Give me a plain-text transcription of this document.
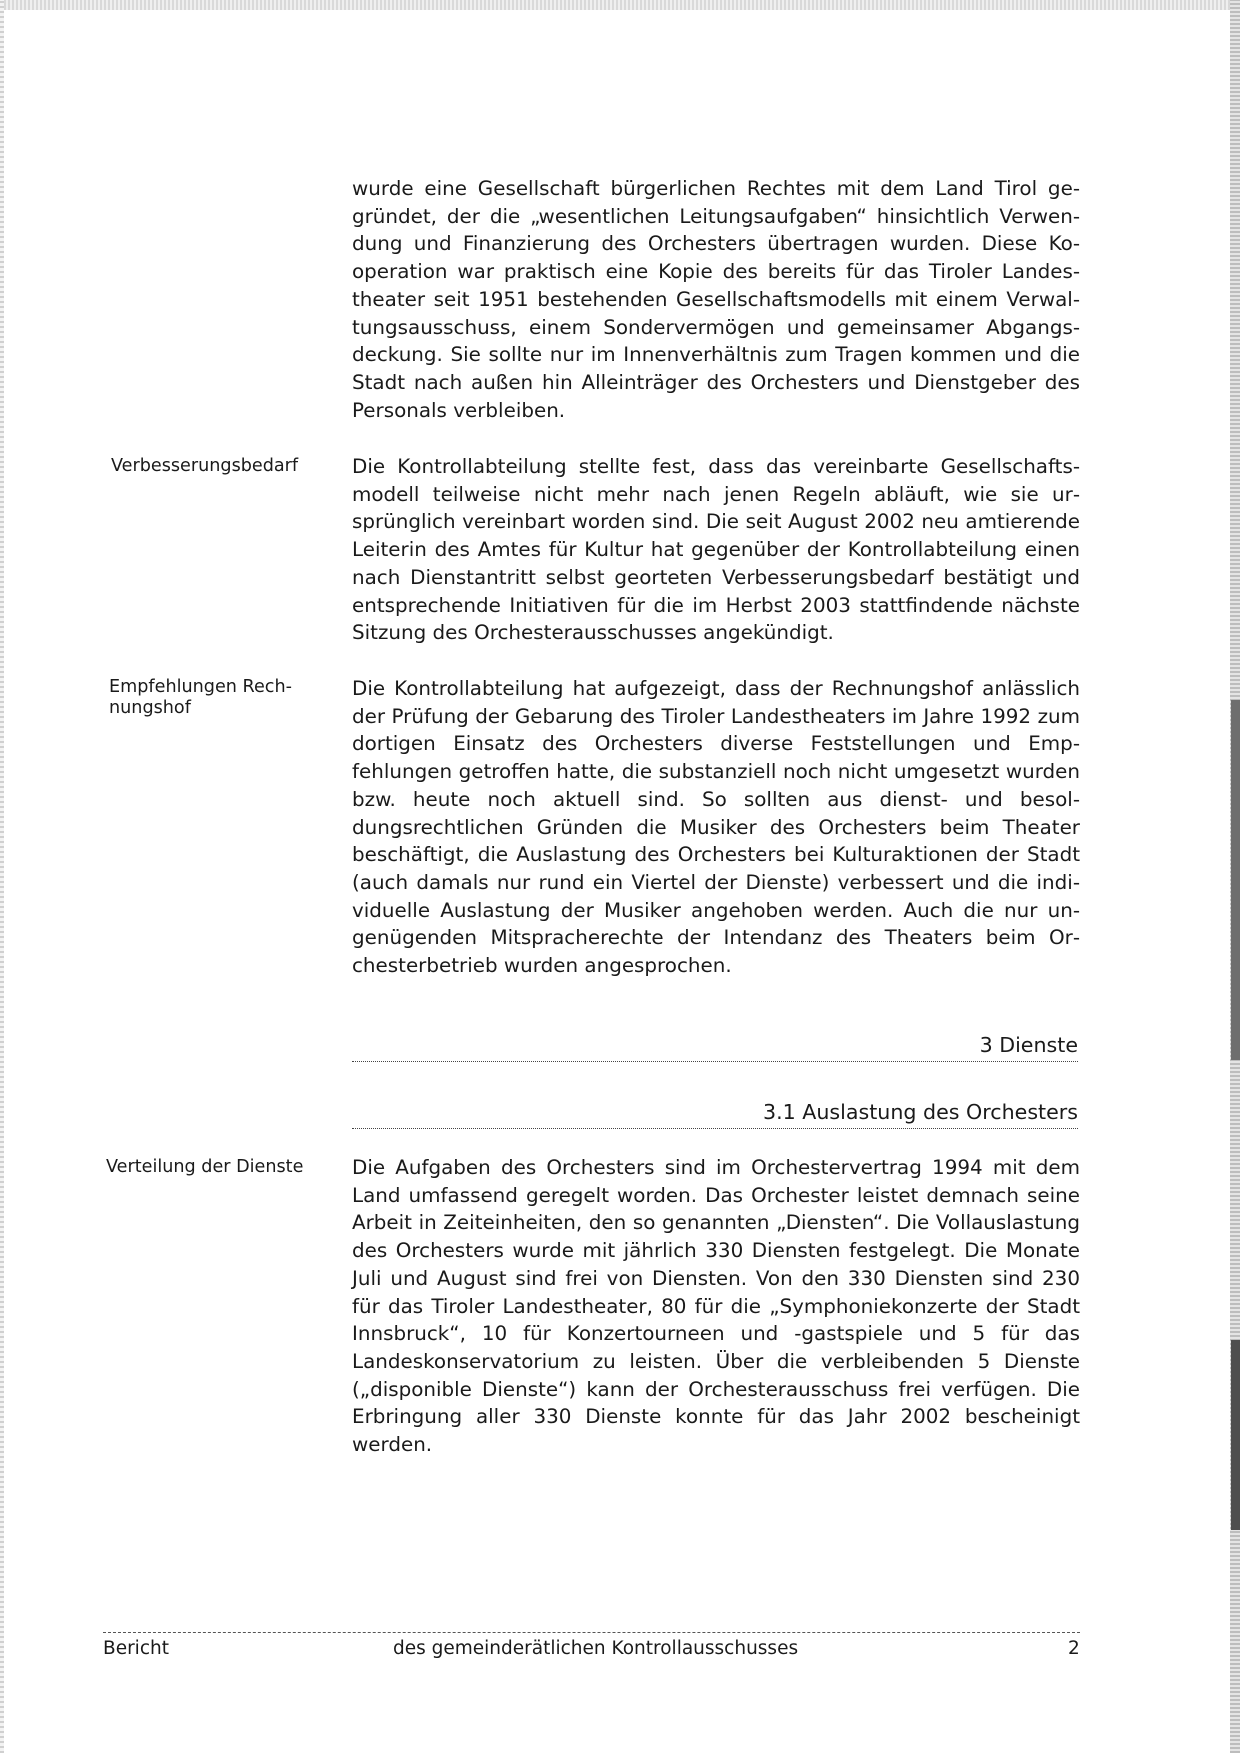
wurde eine Gesellschaft bürgerlichen Rechtes mit dem Land Tirol gegründet, der die „wesentlichen Leitungsaufgaben“ hinsichtlich Verwendung und Finanzierung des Orchesters übertragen wurden. Diese Kooperation war praktisch eine Kopie des bereits für das Tiroler Landestheater seit 1951 bestehenden Gesellschaftsmodells mit einem Verwaltungsausschuss, einem Sondervermögen und gemeinsamer Abgangsdeckung. Sie sollte nur im Innenverhältnis zum Tragen kommen und die Stadt nach außen hin Alleinträger des Orchesters und Dienstgeber des Personals verbleiben.

Verbesserungsbedarf	Die Kontrollabteilung stellte fest, dass das vereinbarte Gesellschaftsmodell teilweise nicht mehr nach jenen Regeln abläuft, wie sie ursprünglich vereinbart worden sind. Die seit August 2002 neu amtierende Leiterin des Amtes für Kultur hat gegenüber der Kontrollabteilung einen nach Dienstantritt selbst georteten Verbesserungsbedarf bestätigt und entsprechende Initiativen für die im Herbst 2003 stattfindende nächste Sitzung des Orchesterausschusses angekündigt.

Empfehlungen Rech-
nungshof

Die Kontrollabteilung hat aufgezeigt, dass der Rechnungshof anlässlich der Prüfung der Gebarung des Tiroler Landestheaters im Jahre 1992 zum dortigen Einsatz des Orchesters diverse Feststellungen und Empfehlungen getroffen hatte, die substanziell noch nicht umgesetzt wurden bzw. heute noch aktuell sind. So sollten aus dienst- und besoldungsrechtlichen Gründen die Musiker des Orchesters beim Theater beschäftigt, die Auslastung des Orchesters bei Kulturaktionen der Stadt (auch damals nur rund ein Viertel der Dienste) verbessert und die individuelle Auslastung der Musiker angehoben werden. Auch die nur ungenügenden Mitspracherechte der Intendanz des Theaters beim Orchesterbetrieb wurden angesprochen.

3 Dienste
3.1 Auslastung des Orchesters

Verteilung der Dienste Die Aufgaben des Orchesters sind im Orchestervertrag 1994 mit dem Land umfassend geregelt worden. Das Orchester leistet demnach seine Arbeit in Zeiteinheiten, den so genannten „Diensten“. Die Vollauslastung des Orchesters wurde mit jährlich 330 Diensten festgelegt. Die Monate Juli und August sind frei von Diensten. Von den 330 Diensten sind 230 für das Tiroler Landestheater, 80 für die „Symphoniekonzerte der Stadt Innsbruck“, 10 für Konzertourneen und -gastspiele und 5 für das Landeskonservatorium zu leisten. Über die verbleibenden 5 Dienste („disponible Dienste“) kann der Orchesterausschuss frei verfügen. Die Erbringung aller 330 Dienste konnte für das Jahr 2002 bescheinigt werden.

Bericht	des gemeinderätlichen Kontrollausschusses	2
